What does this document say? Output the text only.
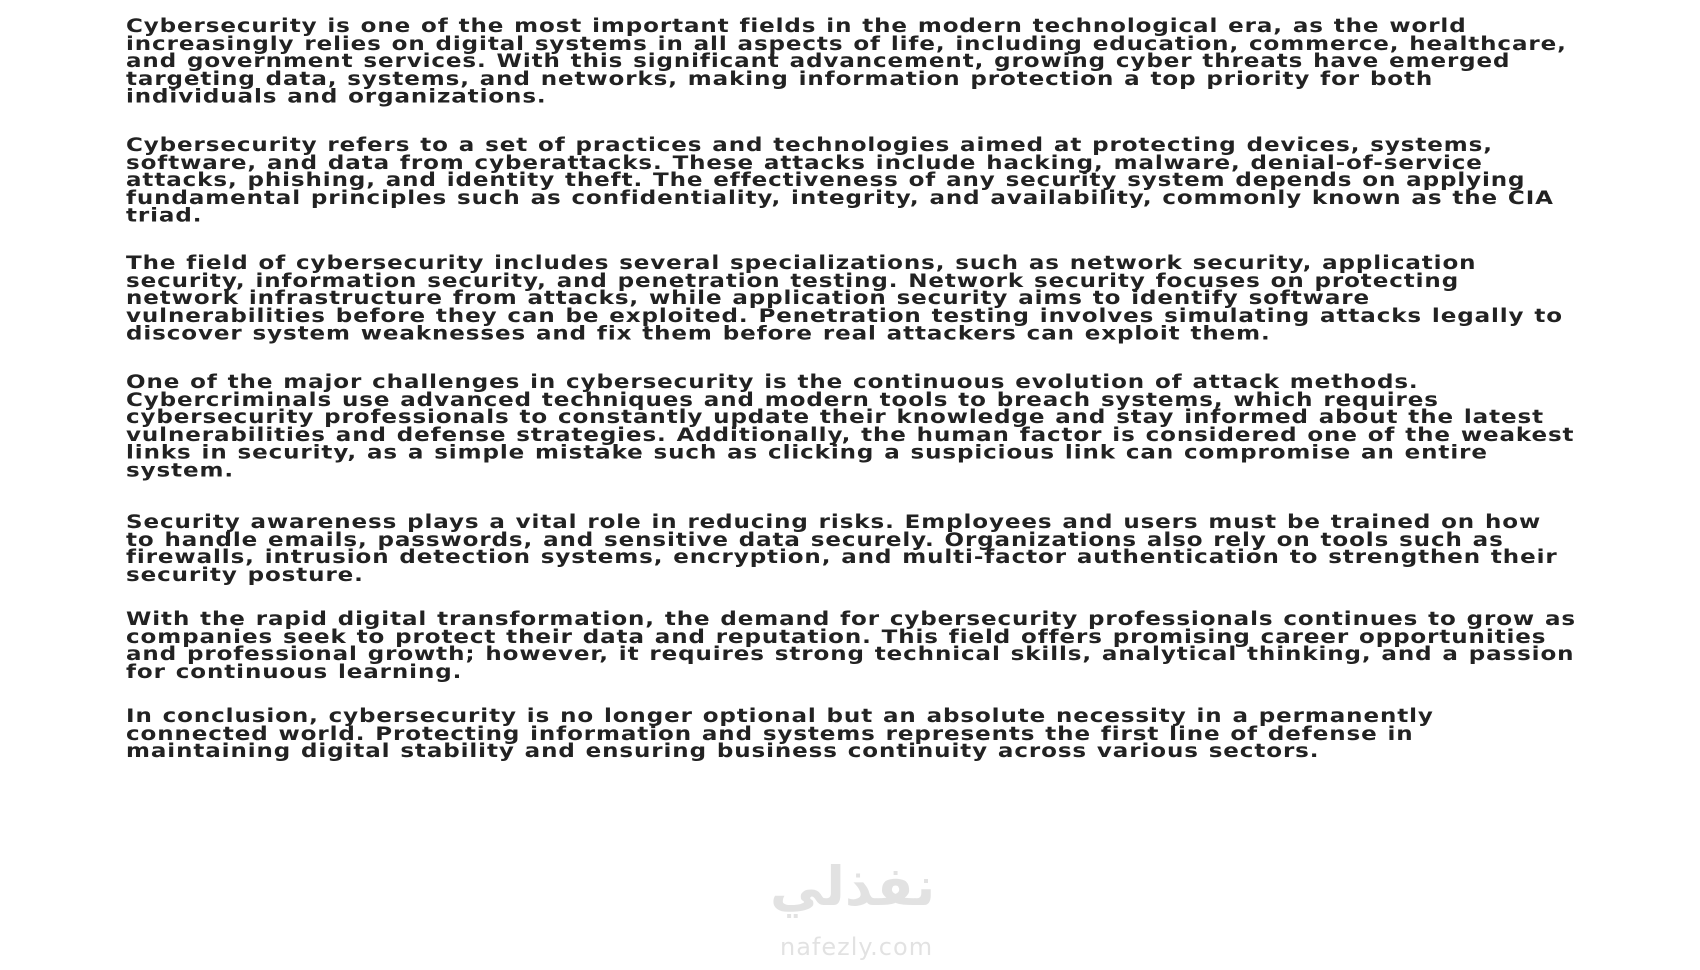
Cybersecurity is one of the most important fields in the modern technological era, as the world increasingly relies on digital systems in all aspects of life, including education, commerce, healthcare, and government services. With this significant advancement, growing cyber threats have emerged targeting data, systems, and networks, making information protection a top priority for both individuals and organizations.

Cybersecurity refers to a set of practices and technologies aimed at protecting devices, systems, software, and data from cyberattacks. These attacks include hacking, malware, denial-of-service attacks, phishing, and identity theft. The effectiveness of any security system depends on applying fundamental principles such as confidentiality, integrity, and availability, commonly known as the CIA triad.

The field of cybersecurity includes several specializations, such as network security, application security, information security, and penetration testing. Network security focuses on protecting network infrastructure from attacks, while application security aims to identify software vulnerabilities before they can be exploited. Penetration testing involves simulating attacks legally to discover system weaknesses and fix them before real attackers can exploit them.

One of the major challenges in cybersecurity is the continuous evolution of attack methods. Cybercriminals use advanced techniques and modern tools to breach systems, which requires cybersecurity professionals to constantly update their knowledge and stay informed about the latest vulnerabilities and defense strategies. Additionally, the human factor is considered one of the weakest links in security, as a simple mistake such as clicking a suspicious link can compromise an entire system.

Security awareness plays a vital role in reducing risks. Employees and users must be trained on how to handle emails, passwords, and sensitive data securely. Organizations also rely on tools such as firewalls, intrusion detection systems, encryption, and multi-factor authentication to strengthen their security posture.

With the rapid digital transformation, the demand for cybersecurity professionals continues to grow as companies seek to protect their data and reputation. This field offers promising career opportunities and professional growth; however, it requires strong technical skills, analytical thinking, and a passion for continuous learning.

In conclusion, cybersecurity is no longer optional but an absolute necessity in a permanently connected world. Protecting information and systems represents the first line of defense in maintaining digital stability and ensuring business continuity across various sectors.

نفذلي
nafezly.com
